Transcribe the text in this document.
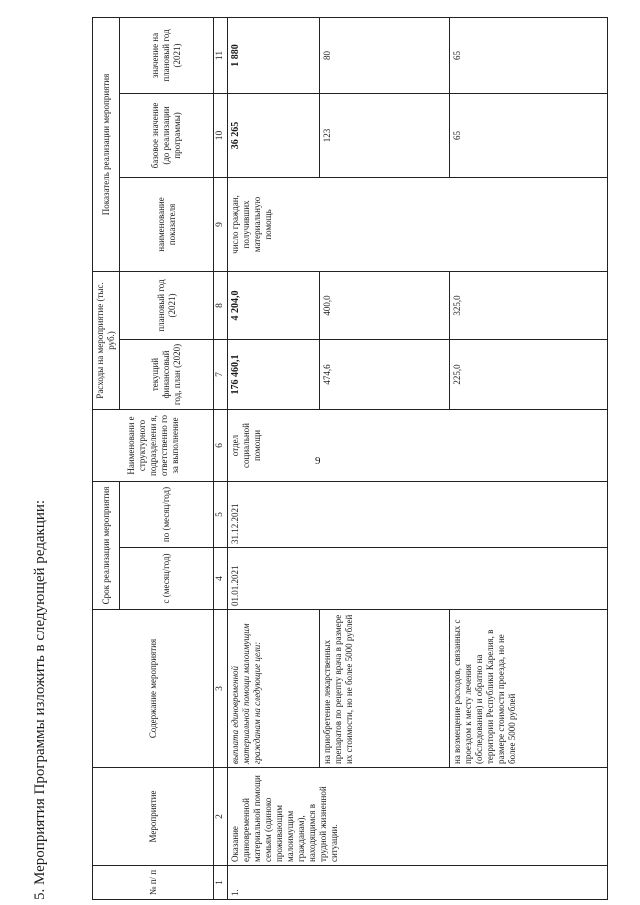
9
5. Мероприятия Программы изложить в следующей редакции:	№ п/ п	Мероприятие	Содержание мероприятия	Срок реализации мероприятия		Наименовани е структурного подразделени я, ответственно го за выполнение	Расходы на мероприятие (тыс. руб.)		Показатель реализации мероприятия		
			с (месяц/год)	по (месяц/год)		текущий финансовый год, план (2020)	плановый год (2021)	наименование показателя	базовое значение (до реализации программы)	значение на плановый год (2021)
1	2	3	4	5	6	7	8	9	10	11
1.	Оказание единовременной материальной помощи семьям (одиноко проживающим малоимущим гражданам), находящимся в трудной жизненной ситуации.	выплата единовременной материальной помощи малоимущим гражданам на следующие цели:	01.01.2021	31.12.2021	отдел социальной помощи	176 460,1	4 204,0	число граждан, получивших материальную помощь	36 265	1 880
		на приобретение лекарственных препаратов по рецепту врача в размере их стоимости, но не более 5000 рублей				474,6	400,0		123	80
		на возмещение расходов, связанных с проездом к месту лечения (обследования) и обратно на территории Республики Карелия, в размере стоимости проезда, но не более 5000 рублей				225,0	325,0		65	65
